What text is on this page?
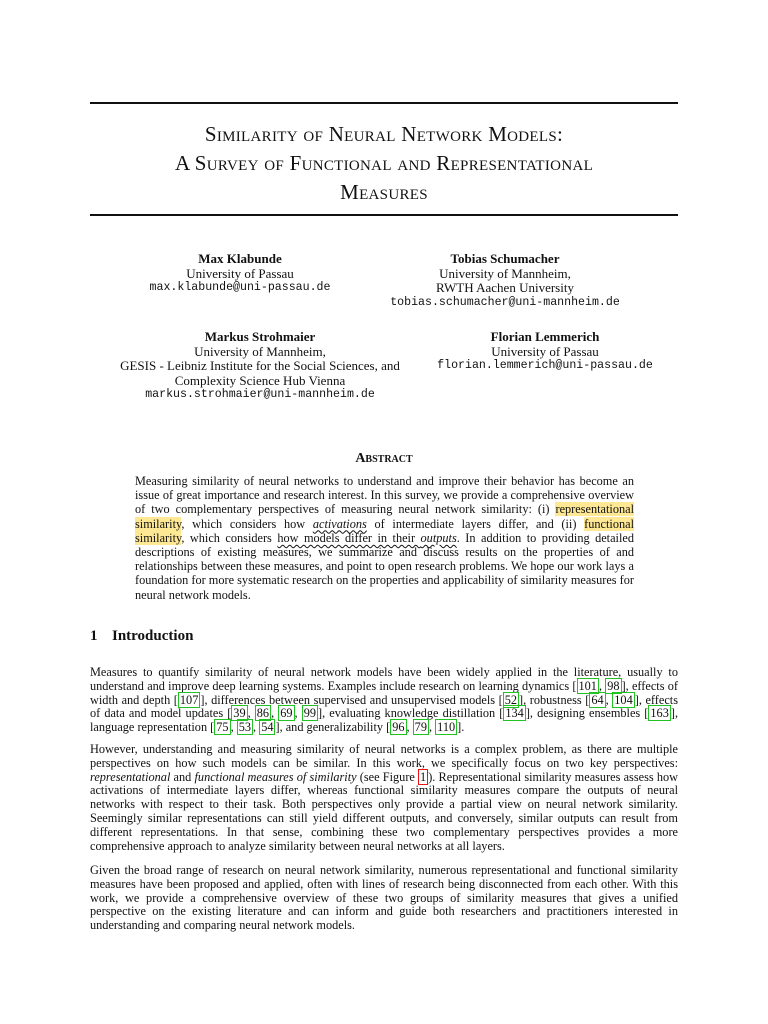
Similarity of Neural Network Models:
A Survey of Functional and Representational
Measures
Max Klabunde
University of Passau
max.klabunde@uni-passau.de
Tobias Schumacher
University of Mannheim,
RWTH Aachen University
tobias.schumacher@uni-mannheim.de
Markus Strohmaier
University of Mannheim,
GESIS - Leibniz Institute for the Social Sciences, and
Complexity Science Hub Vienna
markus.strohmaier@uni-mannheim.de
Florian Lemmerich
University of Passau
florian.lemmerich@uni-passau.de
Abstract
Measuring similarity of neural networks to understand and improve their behavior has become an issue of great importance and research interest. In this survey, we provide a comprehensive overview of two complementary perspectives of measuring neural network similarity: (i) representational similarity, which considers how activations of intermediate layers differ, and (ii) functional similarity, which considers how models differ in their outputs. In addition to providing detailed descriptions of existing measures, we summarize and discuss results on the properties of and relationships between these measures, and point to open research problems. We hope our work lays a foundation for more systematic research on the properties and applicability of similarity measures for neural network models.
1 Introduction
Measures to quantify similarity of neural network models have been widely applied in the literature, usually to understand and improve deep learning systems. Examples include research on learning dynamics [ 101 , 98 ], effects of width and depth [ 107 ], differences between supervised and unsupervised models [ 52 ], robustness [ 64 , 104 ], effects of data and model updates [ 39 , 86 , 69 , 99 ], evaluating knowledge distillation [ 134 ], designing ensembles [ 163 ], language representation [ 75 , 53 , 54 ], and generalizability [ 96 , 79 , 110 ].
However, understanding and measuring similarity of neural networks is a complex problem, as there are multiple perspectives on how such models can be similar. In this work, we specifically focus on two key perspectives: representational and functional measures of similarity (see Figure 1 ). Representational similarity measures assess how activations of intermediate layers differ, whereas functional similarity measures compare the outputs of neural networks with respect to their task. Both perspectives only provide a partial view on neural network similarity. Seemingly similar representations can still yield different outputs, and conversely, similar outputs can result from different representations. In that sense, combining these two complementary perspectives provides a more comprehensive approach to analyze similarity between neural networks at all layers.
Given the broad range of research on neural network similarity, numerous representational and functional similarity measures have been proposed and applied, often with lines of research being disconnected from each other. With this work, we provide a comprehensive overview of these two groups of similarity measures that gives a unified perspective on the existing literature and can inform and guide both researchers and practitioners interested in understanding and comparing neural network models.
